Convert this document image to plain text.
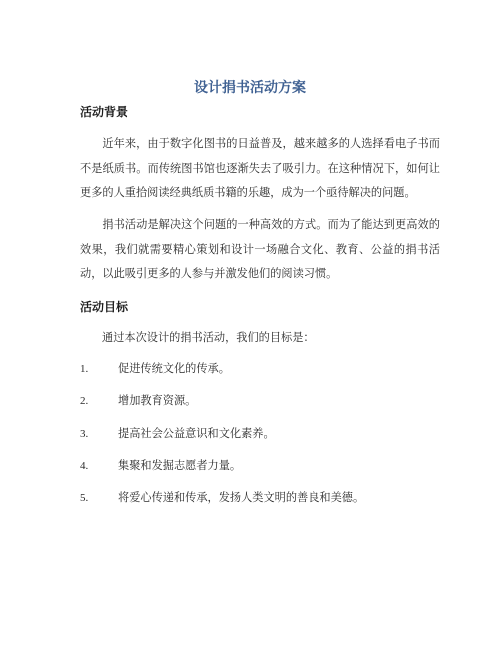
设计捐书活动方案
活动背景

近年来，由于数字化图书的日益普及，越来越多的人选择看电子书而不是纸质书。而传统图书馆也逐渐失去了吸引力。在这种情况下，如何让更多的人重拾阅读经典纸质书籍的乐趣，成为一个亟待解决的问题。

捐书活动是解决这个问题的一种高效的方式。而为了能达到更高效的效果，我们就需要精心策划和设计一场融合文化、教育、公益的捐书活动，以此吸引更多的人参与并激发他们的阅读习惯。

活动目标

通过本次设计的捐书活动，我们的目标是：

1.	促进传统文化的传承。
2.	增加教育资源。
3.	提高社会公益意识和文化素养。
4.	集聚和发掘志愿者力量。
5.	将爱心传递和传承，发扬人类文明的善良和美德。
